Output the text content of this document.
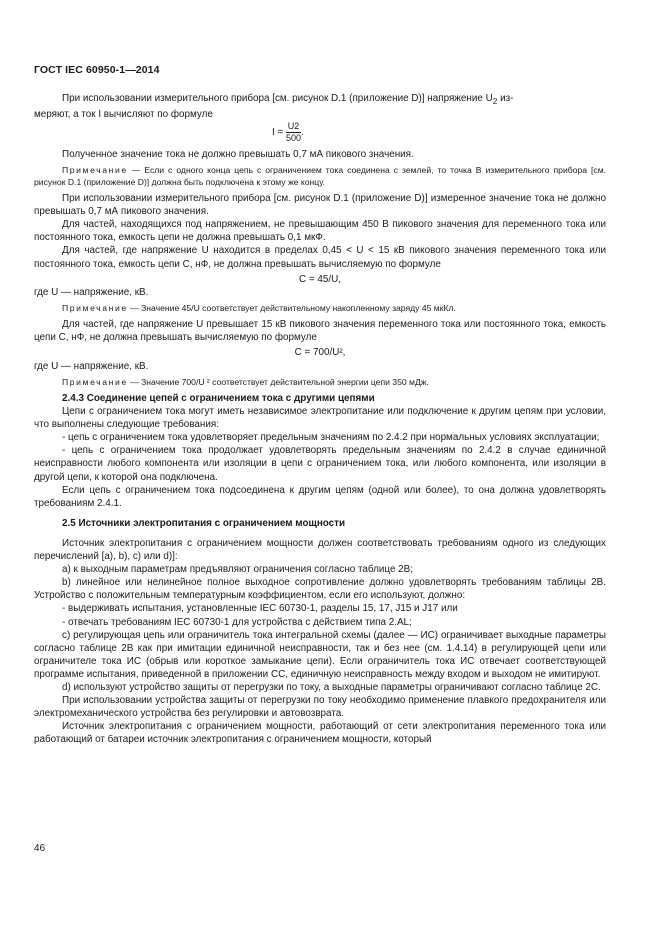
ГОСТ IEC 60950-1—2014

При использовании измерительного прибора [см. рисунок D.1 (приложение D)] напряжение $U_2$ из-

меряют, а ток I вычисляют по формуле

$I = \frac{U2}{500}$ .

Полученное значение тока не должно превышать 0,7 мА пикового значения.

Примечание — Если с одного конца цепь с ограничением тока соединена с землей, то точка В измерительного прибора [см. рисунок D.1 (приложение D)] должна быть подключена к этому же концу.

При использовании измерительного прибора [см. рисунок D.1 (приложение D)] измеренное значение тока не должно превышать 0,7 мА пикового значения.

Для частей, находящихся под напряжением, не превышающим 450 В пикового значения для переменного тока или постоянного тока, емкость цепи не должна превышать 0,1 мкФ.

Для частей, где напряжение U находится в пределах 0,45 < U < 15 кВ пикового значения переменного тока или постоянного тока, емкость цепи С, нФ, не должна превышать вычисляемую по формуле

С = 45/U,

где U — напряжение, кВ.

Примечание — Значение 45/U соответствует действительному накопленному заряду 45 мкКл.

Для частей, где напряжение U превышает 15 кВ пикового значения переменного тока или постоянного тока, емкость цепи С, нФ, не должна превышать вычисляемую по формуле

С = 700/U²,

где U — напряжение, кВ.

Примечание — Значение 700/U ² соответствует действительной энергии цепи 350 мДж.

2.4.3 Соединение цепей с ограничением тока с другими цепями

Цепи с ограничением тока могут иметь независимое электропитание или подключение к другим цепям при условии, что выполнены следующие требования:

- цепь с ограничением тока удовлетворяет предельным значениям по 2.4.2 при нормальных условиях эксплуатации;

- цепь с ограничением тока продолжает удовлетворять предельным значениям по 2.4.2 в случае единичной неисправности любого компонента или изоляции в цепи с ограничением тока, или любого компонента, или изоляции в другой цепи, к которой она подключена.

Если цепь с ограничением тока подсоединена к другим цепям (одной или более), то она должна удовлетворять требованиям 2.4.1.

2.5 Источники электропитания с ограничением мощности

Источник электропитания с ограничением мощности должен соответствовать требованиям одного из следующих перечислений [а), b), с) или d)]:

а) к выходным параметрам предъявляют ограничения согласно таблице 2В;

b) линейное или нелинейное полное выходное сопротивление должно удовлетворять требованиям таблицы 2В. Устройство с положительным температурным коэффициентом, если его используют, должно:

- выдерживать испытания, установленные IEC 60730-1, разделы 15, 17, J15 и J17 или

- отвечать требованиям IEC 60730-1 для устройства с действием типа 2.AL;

с) регулирующая цепь или ограничитель тока интегральной схемы (далее — ИС) ограничивает выходные параметры согласно таблице 2В как при имитации единичной неисправности, так и без нее (см. 1.4.14) в регулирующей цепи или ограничителе тока ИС (обрыв или короткое замыкание цепи). Если ограничитель тока ИС отвечает соответствующей программе испытания, приведенной в приложении СС, единичную неисправность между входом и выходом не имитируют.

d) используют устройство защиты от перегрузки по току, а выходные параметры ограничивают согласно таблице 2С.

При использовании устройства защиты от перегрузки по току необходимо применение плавкого предохранителя или электромеханического устройства без регулировки и автовозврата.

Источник электропитания с ограничением мощности, работающий от сети электропитания переменного тока или работающий от батареи источник электропитания с ограничением мощности, который

46
